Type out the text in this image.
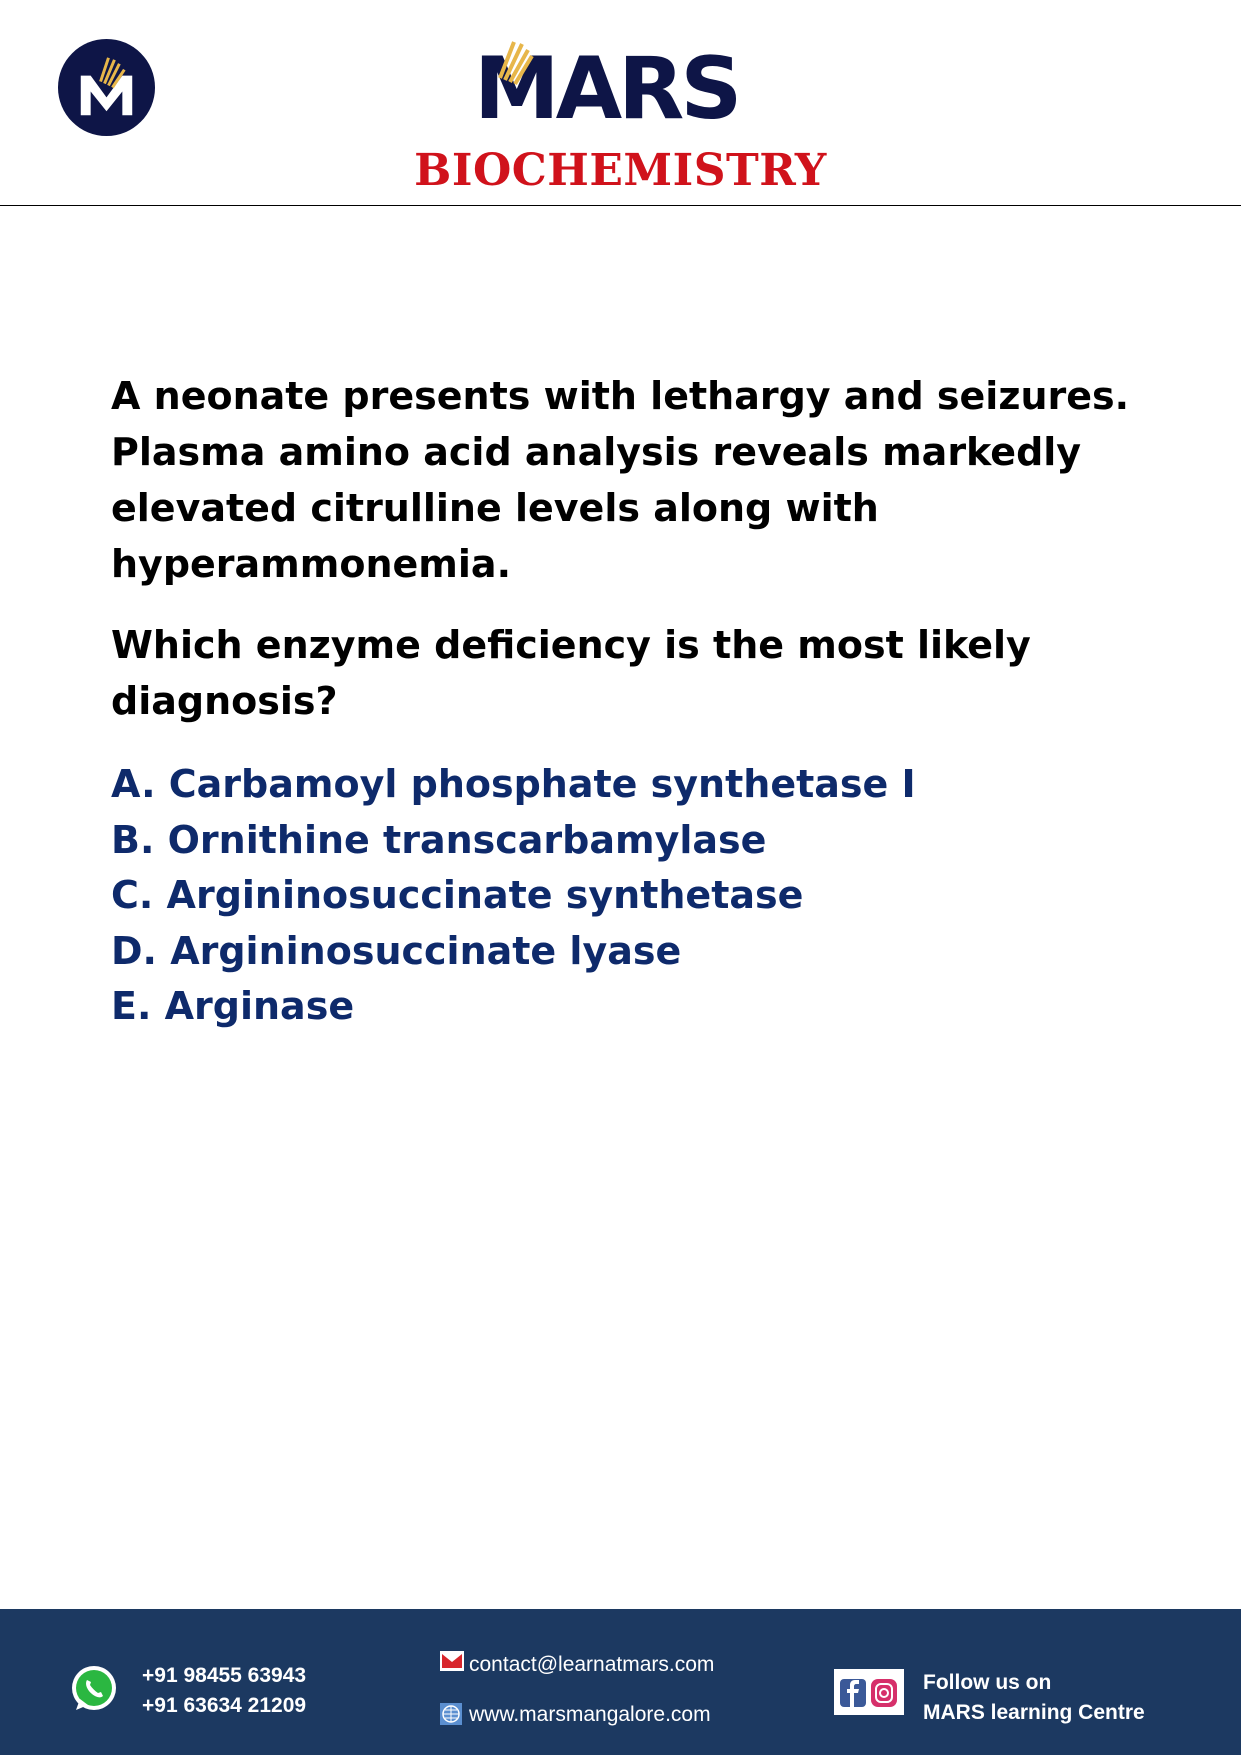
MARS
BIOCHEMISTRY
A neonate presents with lethargy and seizures. Plasma amino acid analysis reveals markedly elevated citrulline levels along with hyperammonemia.
Which enzyme deficiency is the most likely diagnosis?
A. Carbamoyl phosphate synthetase I
B. Ornithine transcarbamylase
C. Argininosuccinate synthetase
D. Argininosuccinate lyase
E. Arginase
+91 98455 63943
+91 63634 21209
contact@learnatmars.com
www.marsmangalore.com
Follow us on
MARS learning Centre
